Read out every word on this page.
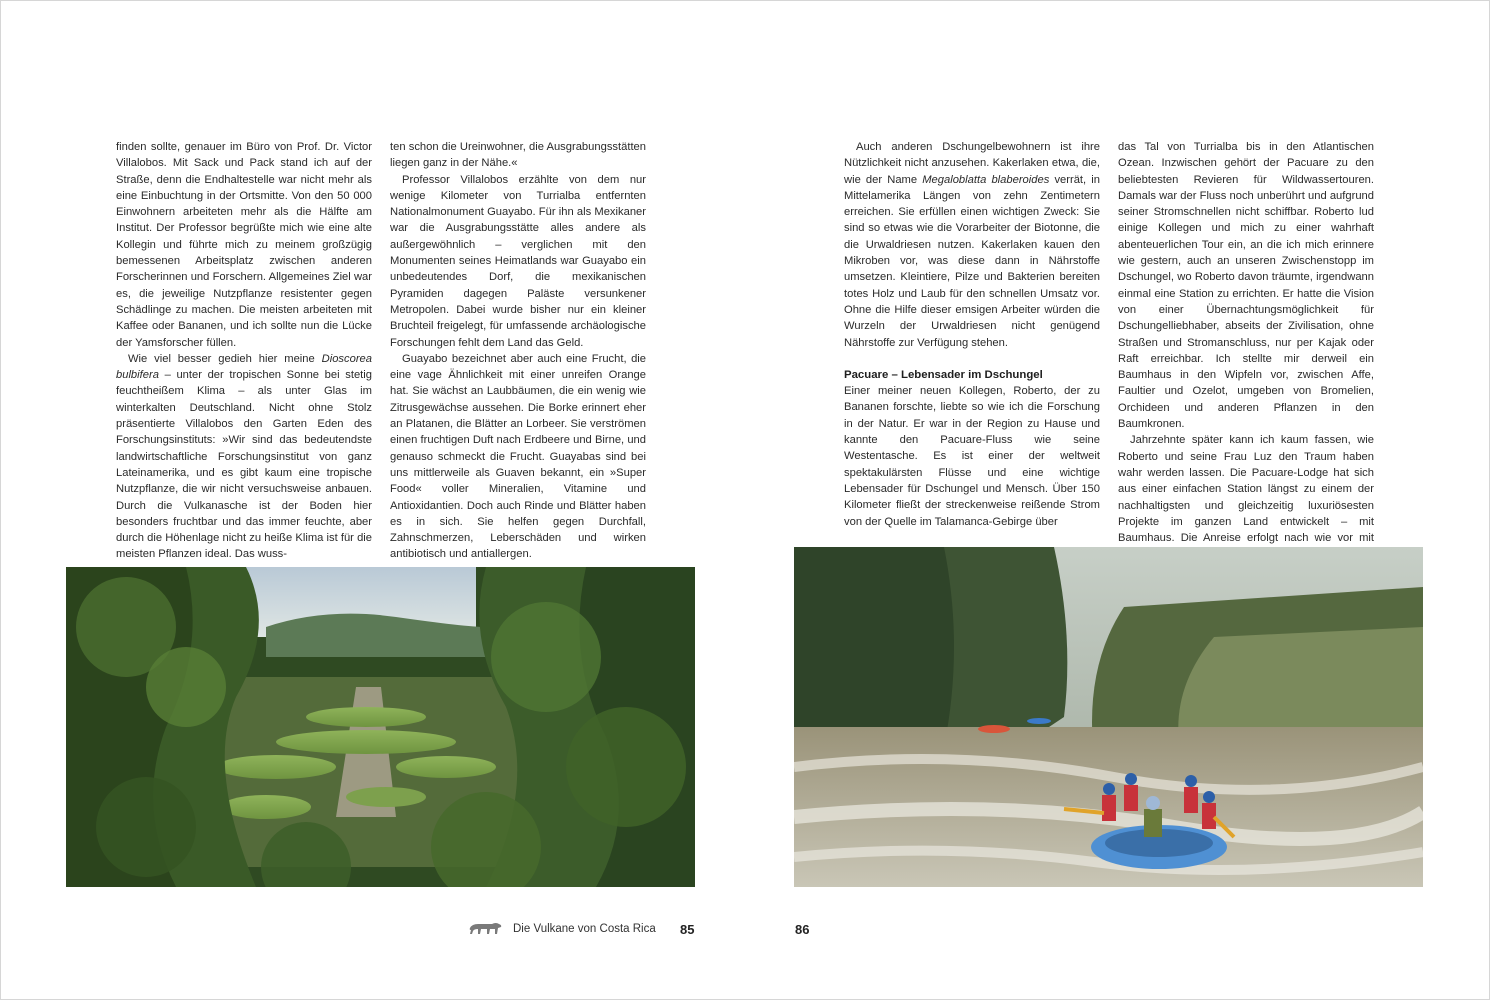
finden sollte, genauer im Büro von Prof. Dr. Victor Villalobos. Mit Sack und Pack stand ich auf der Straße, denn die Endhaltestelle war nicht mehr als eine Einbuchtung in der Ortsmitte. Von den 50 000 Einwohnern arbeiteten mehr als die Hälfte am Institut. Der Professor begrüßte mich wie eine alte Kollegin und führte mich zu meinem großzügig bemessenen Arbeitsplatz zwischen anderen Forscherinnen und Forschern. Allgemeines Ziel war es, die jeweilige Nutzpflanze resistenter gegen Schädlinge zu machen. Die meisten arbeiteten mit Kaffee oder Bananen, und ich sollte nun die Lücke der Yamsforscher füllen.

Wie viel besser gedieh hier meine Dioscorea bulbifera – unter der tropischen Sonne bei stetig feuchtheißem Klima – als unter Glas im winterkalten Deutschland. Nicht ohne Stolz präsentierte Villalobos den Garten Eden des Forschungsinstituts: »Wir sind das bedeutendste landwirtschaftliche Forschungsinstitut von ganz Lateinamerika, und es gibt kaum eine tropische Nutzpflanze, die wir nicht versuchsweise anbauen. Durch die Vulkanasche ist der Boden hier besonders fruchtbar und das immer feuchte, aber durch die Höhenlage nicht zu heiße Klima ist für die meisten Pflanzen ideal. Das wuss-

ten schon die Ureinwohner, die Ausgrabungsstätten liegen ganz in der Nähe.«

Professor Villalobos erzählte von dem nur wenige Kilometer von Turrialba entfernten Nationalmonument Guayabo. Für ihn als Mexikaner war die Ausgrabungsstätte alles andere als außergewöhnlich – verglichen mit den Monumenten seines Heimatlands war Guayabo ein unbedeutendes Dorf, die mexikanischen Pyramiden dagegen Paläste versunkener Metropolen. Dabei wurde bisher nur ein kleiner Bruchteil freigelegt, für umfassende archäologische Forschungen fehlt dem Land das Geld.

Guayabo bezeichnet aber auch eine Frucht, die eine vage Ähnlichkeit mit einer unreifen Orange hat. Sie wächst an Laubbäumen, die ein wenig wie Zitrusgewächse aussehen. Die Borke erinnert eher an Platanen, die Blätter an Lorbeer. Sie verströmen einen fruchtigen Duft nach Erdbeere und Birne, und genauso schmeckt die Frucht. Guayabas sind bei uns mittlerweile als Guaven bekannt, ein »Super Food« voller Mineralien, Vitamine und Antioxidantien. Doch auch Rinde und Blätter haben es in sich. Sie helfen gegen Durchfall, Zahnschmerzen, Leberschäden und wirken antibiotisch und antiallergen.

Auch anderen Dschungelbewohnern ist ihre Nützlichkeit nicht anzusehen. Kakerlaken etwa, die, wie der Name Megaloblatta blaberoides verrät, in Mittelamerika Längen von zehn Zentimetern erreichen. Sie erfüllen einen wichtigen Zweck: Sie sind so etwas wie die Vorarbeiter der Biotonne, die die Urwaldriesen nutzen. Kakerlaken kauen den Mikroben vor, was diese dann in Nährstoffe umsetzen. Kleintiere, Pilze und Bakterien bereiten totes Holz und Laub für den schnellen Umsatz vor. Ohne die Hilfe dieser emsigen Arbeiter würden die Wurzeln der Urwaldriesen nicht genügend Nährstoffe zur Verfügung stehen.

Pacuare – Lebensader im Dschungel

Einer meiner neuen Kollegen, Roberto, der zu Bananen forschte, liebte so wie ich die Forschung in der Natur. Er war in der Region zu Hause und kannte den Pacuare-Fluss wie seine Westentasche. Es ist einer der weltweit spektakulärsten Flüsse und eine wichtige Lebensader für Dschungel und Mensch. Über 150 Kilometer fließt der streckenweise reißende Strom von der Quelle im Talamanca-Gebirge über

das Tal von Turrialba bis in den Atlantischen Ozean. Inzwischen gehört der Pacuare zu den beliebtesten Revieren für Wildwassertouren. Damals war der Fluss noch unberührt und aufgrund seiner Stromschnellen nicht schiffbar. Roberto lud einige Kollegen und mich zu einer wahrhaft abenteuerlichen Tour ein, an die ich mich erinnere wie gestern, auch an unseren Zwischenstopp im Dschungel, wo Roberto davon träumte, irgendwann einmal eine Station zu errichten. Er hatte die Vision von einer Übernachtungsmöglichkeit für Dschungelliebhaber, abseits der Zivilisation, ohne Straßen und Stromanschluss, nur per Kajak oder Raft erreichbar. Ich stellte mir derweil ein Baumhaus in den Wipfeln vor, zwischen Affe, Faultier und Ozelot, umgeben von Bromelien, Orchideen und anderen Pflanzen in den Baumkronen.

Jahrzehnte später kann ich kaum fassen, wie Roberto und seine Frau Luz den Traum haben wahr werden lassen. Die Pacuare-Lodge hat sich aus einer einfachen Station längst zu einem der nachhaltigsten und gleichzeitig luxuriösesten Projekte im ganzen Land entwickelt – mit Baumhaus. Die Anreise erfolgt nach wie vor mit

Die Vulkane von Costa Rica 85	86
